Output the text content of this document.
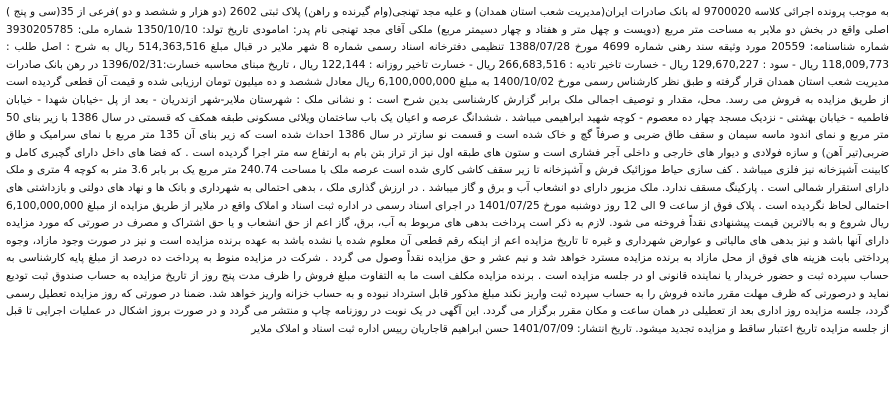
به موجب پرونده اجرائی کلاسه 9700020 له بانک صادرات ایران(مدیریت شعب استان همدان) و علیه مجد تهنجی(وام گیرنده و راهن) پلاک ثبتی 2602 (دو هزار و ششصد و دو )فرعی از 35(سی و پنج ) اصلی واقع در بخش دو ملایر به مساحت متر مربع (دویست و چهل متر و هفتاد و چهار دسیمتر مربع) ملکی آقای مجد تهنجی نام پدر: امامودی تاریخ تولد: 1350/10/10 شماره ملی: 3930205785 شماره شناسنامه: 20559 مورد وثیقه سند رهنی شماره 4699 مورخ 1388/07/28 تنظیمی دفترخانه اسناد رسمی شماره 8 شهر ملایر در قبال مبلغ 514,363,516 ریال به شرح : اصل طلب : 118,009,773 ریال - سود : 129,670,227 ریال - خسارت تاخیر تادیه : 266,683,516 ریال - خسارت تاخیر روزانه : 122,144 ریال ، تاریخ مبنای محاسبه خسارت:1396/02/31 در رهن بانک صادرات مدیریت شعب استان همدان قرار گرفته و طبق نظر کارشناس رسمی مورخ 1400/10/02 به مبلغ 6,100,000,000 ریال معادل ششصد و ده میلیون تومان ارزیابی شده و قیمت آن قطعی گردیده است از طریق مزایده به فروش می رسد. محل، مقدار و توصیف اجمالی ملک برابر گزارش کارشناسی بدین شرح است : و نشانی ملک : شهرستان ملایر-شهر ازندریان - بعد از پل -خیابان شهدا - خیابان فاطمیه - خیابان بهشتی - نزدیک مسجد چهار ده معصوم - کوچه شهید ابراهیمی میباشد . ششدانگ عرصه و اعیان یک باب ساختمان ویلائی مسکونی طبقه همکف که قسمتی در سال 1386 با زیر بنای 50 متر مربع و نمای اندود ماسه سیمان و سقف طاق ضربی و صرفاً گچ و خاک شده است و قسمت نو سازتر در سال 1386 احداث شده است که زیر بنای آن 135 متر مربع با نمای سرامیک و طاق ضربی(تیر آهن) و سازه فولادی و دیوار های خارجی و داخلی آجر فشاری است و ستون های طبقه اول نیز از تراز بتن بام به ارتفاع سه متر اجرا گردیده است . که فضا های داخل دارای گچبری کامل و کابینت آشپزخانه نیز فلزی میباشد . کف سازی حیاط موزائیک فرش و آشپزخانه تا زیر سقف کاشی کاری شده است عرصه ملک با مساحت 240.74 متر مربع یک بر بابر 3.6 متر به کوچه 4 متری و ملک دارای استقرار شمالی است . پارکینگ مسقف ندارد. ملک مزبور دارای دو انشعاب آب و برق و گاز میباشد . در ارزش گذاری ملک ، بدهی احتمالی به شهرداری و بانک ها و نهاد های دولتی و بازداشتی های احتمالی لحاظ نگردیده است . پلاک فوق از ساعت 9 الی 12 روز دوشنبه مورخ 1401/07/25 در اجرای اسناد رسمی در اداره ثبت اسناد و املاک واقع در ملایر از طریق مزایده از مبلغ 6,100,000,000 ریال شروع و به بالاترین قیمت پیشنهادی نقداً فروخته می شود. لازم به ذکر است پرداخت بدهی های مربوط به آب، برق، گاز اعم از حق انشعاب و یا حق اشتراک و مصرف در صورتی که مورد مزایده دارای آنها باشد و نیز بدهی های مالیاتی و عوارض شهرداری و غیره تا تاریخ مزایده اعم از اینکه رقم قطعی آن معلوم شده یا نشده باشد به عهده برنده مزایده است و نیز در صورت وجود مازاد، وجوه پرداختی بابت هزینه های فوق از محل مازاد به برنده مزایده مسترد خواهد شد و نیم عشر و حق مزایده نقداً وصول می گردد . شرکت در مزایده منوط به پرداخت ده درصد از مبلغ پایه کارشناسی به حساب سپرده ثبت و حضور خریدار یا نماینده قانونی او در جلسه مزایده است . برنده مزایده مکلف است ما به التفاوت مبلغ فروش را ظرف مدت پنج روز از تاریخ مزایده به حساب صندوق ثبت تودیع نماید و درصورتی که ظرف مهلت مقرر مانده فروش را به حساب سپرده ثبت واریز نکند مبلغ مذکور قابل استرداد نبوده و به حساب خزانه واریز خواهد شد. ضمنا در صورتی که روز مزایده تعطیل رسمی گردد، جلسه مزایده روز اداری بعد از تعطیلی در همان ساعت و مکان مقرر برگزار می گردد. این آگهی در یک نوبت در روزنامه چاپ و منتشر می گردد و در صورت بروز اشکال در عملیات اجرایی تا قبل از جلسه مزایده تاریخ اعتبار ساقط و مزایده تجدید میشود. تاریخ انتشار: 1401/07/09 حسن ابراهیم قاجاریان رییس اداره ثبت اسناد و املاک ملایر
